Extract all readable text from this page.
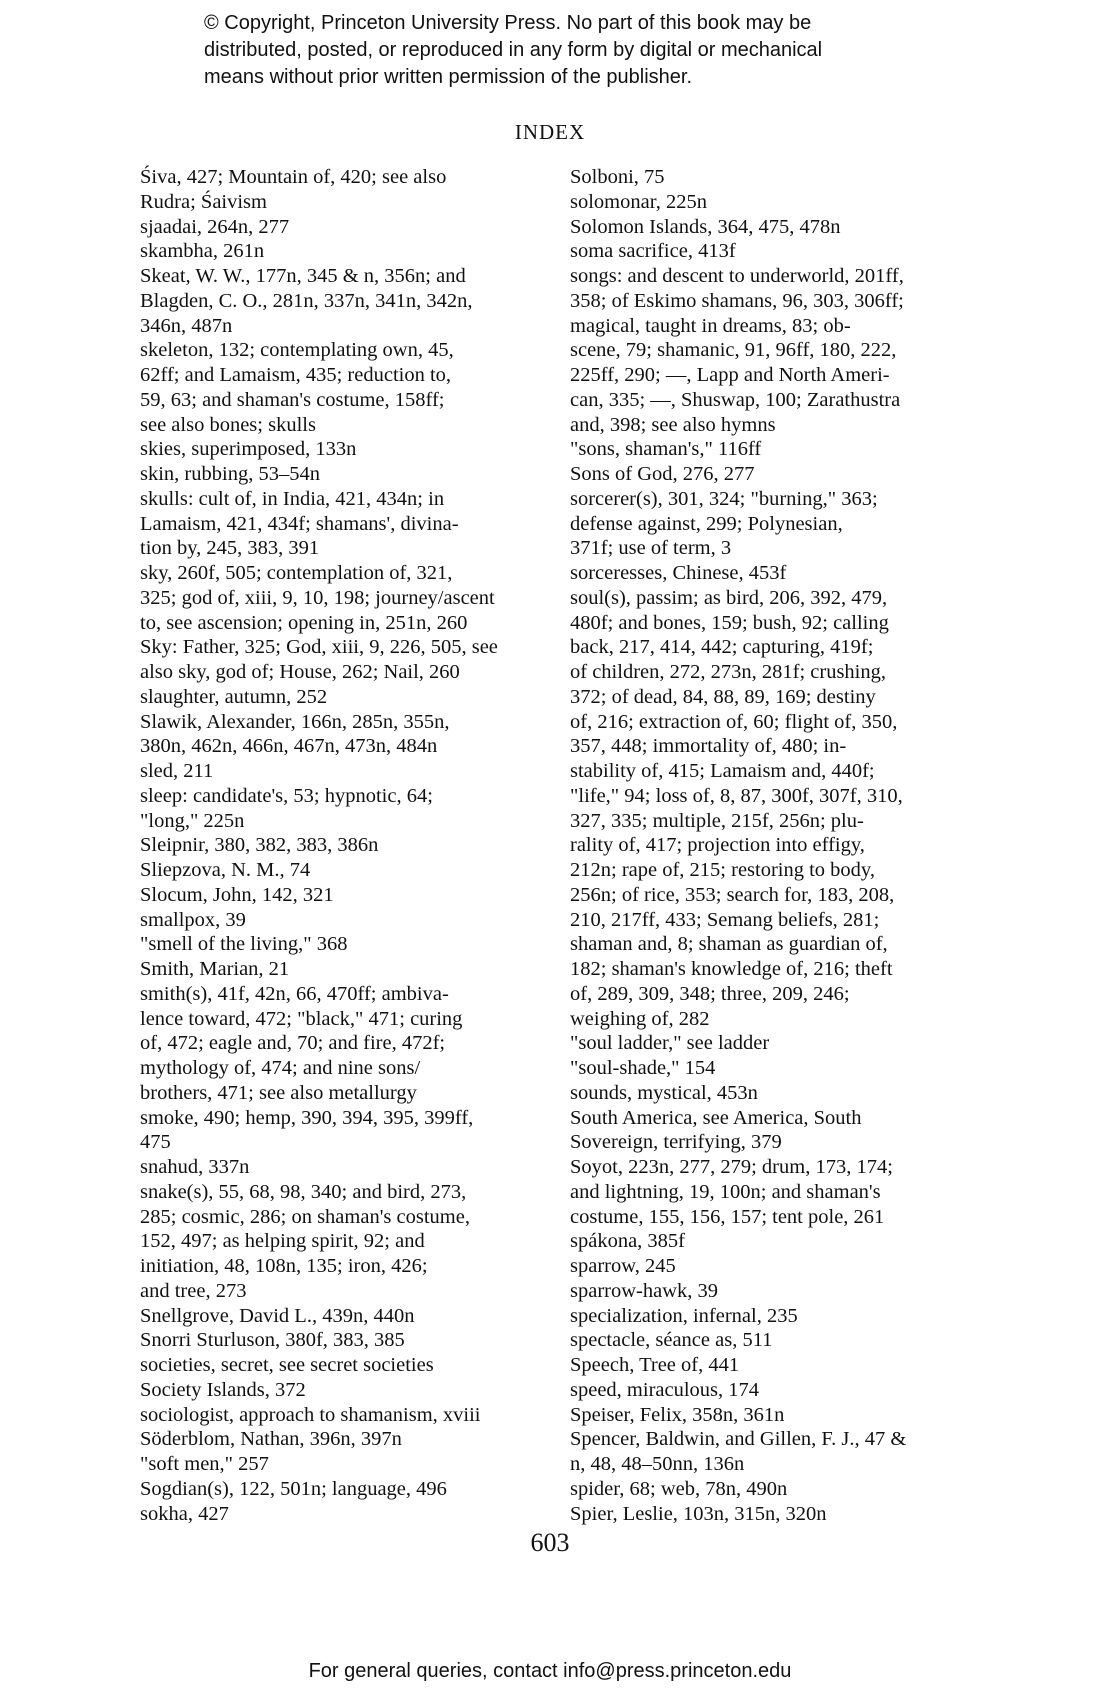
© Copyright, Princeton University Press. No part of this book may be
distributed, posted, or reproduced in any form by digital or mechanical
means without prior written permission of the publisher.
INDEX
Śiva, 427; Mountain of, 420; see also
Rudra; Śaivism
sjaadai, 264n, 277
skambha, 261n
Skeat, W. W., 177n, 345 & n, 356n; and
Blagden, C. O., 281n, 337n, 341n, 342n,
346n, 487n
skeleton, 132; contemplating own, 45,
62ff; and Lamaism, 435; reduction to,
59, 63; and shaman's costume, 158ff;
see also bones; skulls
skies, superimposed, 133n
skin, rubbing, 53–54n
skulls: cult of, in India, 421, 434n; in
Lamaism, 421, 434f; shamans', divina-
tion by, 245, 383, 391
sky, 260f, 505; contemplation of, 321,
325; god of, xiii, 9, 10, 198; journey/ascent
to, see ascension; opening in, 251n, 260
Sky: Father, 325; God, xiii, 9, 226, 505, see
also sky, god of; House, 262; Nail, 260
slaughter, autumn, 252
Slawik, Alexander, 166n, 285n, 355n,
380n, 462n, 466n, 467n, 473n, 484n
sled, 211
sleep: candidate's, 53; hypnotic, 64;
"long," 225n
Sleipnir, 380, 382, 383, 386n
Sliepzova, N. M., 74
Slocum, John, 142, 321
smallpox, 39
"smell of the living," 368
Smith, Marian, 21
smith(s), 41f, 42n, 66, 470ff; ambiva-
lence toward, 472; "black," 471; curing
of, 472; eagle and, 70; and fire, 472f;
mythology of, 474; and nine sons/
brothers, 471; see also metallurgy
smoke, 490; hemp, 390, 394, 395, 399ff,
475
snahud, 337n
snake(s), 55, 68, 98, 340; and bird, 273,
285; cosmic, 286; on shaman's costume,
152, 497; as helping spirit, 92; and
initiation, 48, 108n, 135; iron, 426;
and tree, 273
Snellgrove, David L., 439n, 440n
Snorri Sturluson, 380f, 383, 385
societies, secret, see secret societies
Society Islands, 372
sociologist, approach to shamanism, xviii
Söderblom, Nathan, 396n, 397n
"soft men," 257
Sogdian(s), 122, 501n; language, 496
sokha, 427
Solboni, 75
solomonar, 225n
Solomon Islands, 364, 475, 478n
soma sacrifice, 413f
songs: and descent to underworld, 201ff,
358; of Eskimo shamans, 96, 303, 306ff;
magical, taught in dreams, 83; ob-
scene, 79; shamanic, 91, 96ff, 180, 222,
225ff, 290; —, Lapp and North Ameri-
can, 335; —, Shuswap, 100; Zarathustra
and, 398; see also hymns
"sons, shaman's," 116ff
Sons of God, 276, 277
sorcerer(s), 301, 324; "burning," 363;
defense against, 299; Polynesian,
371f; use of term, 3
sorceresses, Chinese, 453f
soul(s), passim; as bird, 206, 392, 479,
480f; and bones, 159; bush, 92; calling
back, 217, 414, 442; capturing, 419f;
of children, 272, 273n, 281f; crushing,
372; of dead, 84, 88, 89, 169; destiny
of, 216; extraction of, 60; flight of, 350,
357, 448; immortality of, 480; in-
stability of, 415; Lamaism and, 440f;
"life," 94; loss of, 8, 87, 300f, 307f, 310,
327, 335; multiple, 215f, 256n; plu-
rality of, 417; projection into effigy,
212n; rape of, 215; restoring to body,
256n; of rice, 353; search for, 183, 208,
210, 217ff, 433; Semang beliefs, 281;
shaman and, 8; shaman as guardian of,
182; shaman's knowledge of, 216; theft
of, 289, 309, 348; three, 209, 246;
weighing of, 282
"soul ladder," see ladder
"soul-shade," 154
sounds, mystical, 453n
South America, see America, South
Sovereign, terrifying, 379
Soyot, 223n, 277, 279; drum, 173, 174;
and lightning, 19, 100n; and shaman's
costume, 155, 156, 157; tent pole, 261
spákona, 385f
sparrow, 245
sparrow-hawk, 39
specialization, infernal, 235
spectacle, séance as, 511
Speech, Tree of, 441
speed, miraculous, 174
Speiser, Felix, 358n, 361n
Spencer, Baldwin, and Gillen, F. J., 47 &
n, 48, 48–50nn, 136n
spider, 68; web, 78n, 490n
Spier, Leslie, 103n, 315n, 320n
603
For general queries, contact info@press.princeton.edu
